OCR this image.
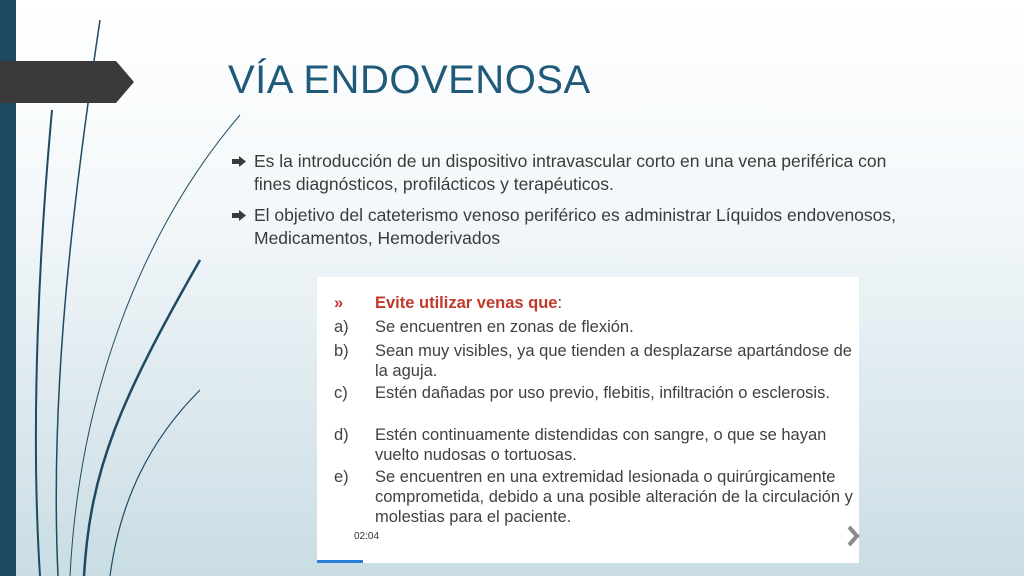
VÍA ENDOVENOSA
Es la introducción de un dispositivo intravascular corto en una vena periférica con fines diagnósticos, profilácticos y terapéuticos.
El objetivo del cateterismo venoso periférico es administrar Líquidos endovenosos, Medicamentos, Hemoderivados
» Evite utilizar venas que:
a) Se encuentren en zonas de flexión.
b) Sean muy visibles, ya que tienden a desplazarse apartándose de la aguja.
c) Estén dañadas por uso previo, flebitis, infiltración o esclerosis.
d) Estén continuamente distendidas con sangre, o que se hayan vuelto nudosas o tortuosas.
e) Se encuentren en una extremidad lesionada o quirúrgicamente comprometida, debido a una posible alteración de la circulación y molestias para el paciente.
02:04
